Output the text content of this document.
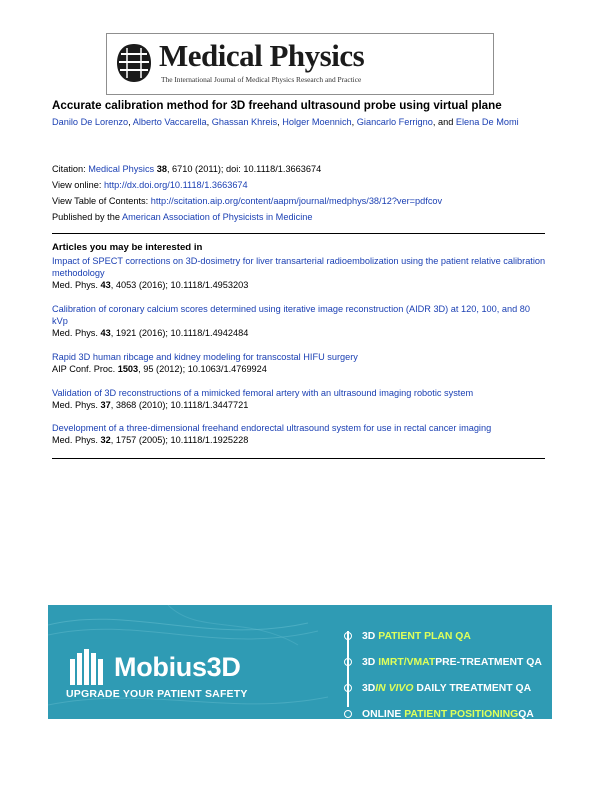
Medical Physics
The International Journal of Medical Physics Research and Practice
Accurate calibration method for 3D freehand ultrasound probe using virtual plane
Danilo De Lorenzo, Alberto Vaccarella, Ghassan Khreis, Holger Moennich, Giancarlo Ferrigno, and Elena De Momi
Citation: Medical Physics 38, 6710 (2011); doi: 10.1118/1.3663674
View online: http://dx.doi.org/10.1118/1.3663674
View Table of Contents: http://scitation.aip.org/content/aapm/journal/medphys/38/12?ver=pdfcov
Published by the American Association of Physicists in Medicine
Articles you may be interested in
Impact of SPECT corrections on 3D-dosimetry for liver transarterial radioembolization using the patient relative calibration methodology
Med. Phys. 43, 4053 (2016); 10.1118/1.4953203
Calibration of coronary calcium scores determined using iterative image reconstruction (AIDR 3D) at 120, 100, and 80 kVp
Med. Phys. 43, 1921 (2016); 10.1118/1.4942484
Rapid 3D human ribcage and kidney modeling for transcostal HIFU surgery
AIP Conf. Proc. 1503, 95 (2012); 10.1063/1.4769924
Validation of 3D reconstructions of a mimicked femoral artery with an ultrasound imaging robotic system
Med. Phys. 37, 3868 (2010); 10.1118/1.3447721
Development of a three-dimensional freehand endorectal ultrasound system for use in rectal cancer imaging
Med. Phys. 32, 1757 (2005); 10.1118/1.1925228
Mobius3D
UPGRADE YOUR PATIENT SAFETY
3D PATIENT PLAN QA
3D IMRT/VMAT PRE-TREATMENT QA
3D IN VIVO DAILY TREATMENT QA
ONLINE PATIENT POSITIONING QA
